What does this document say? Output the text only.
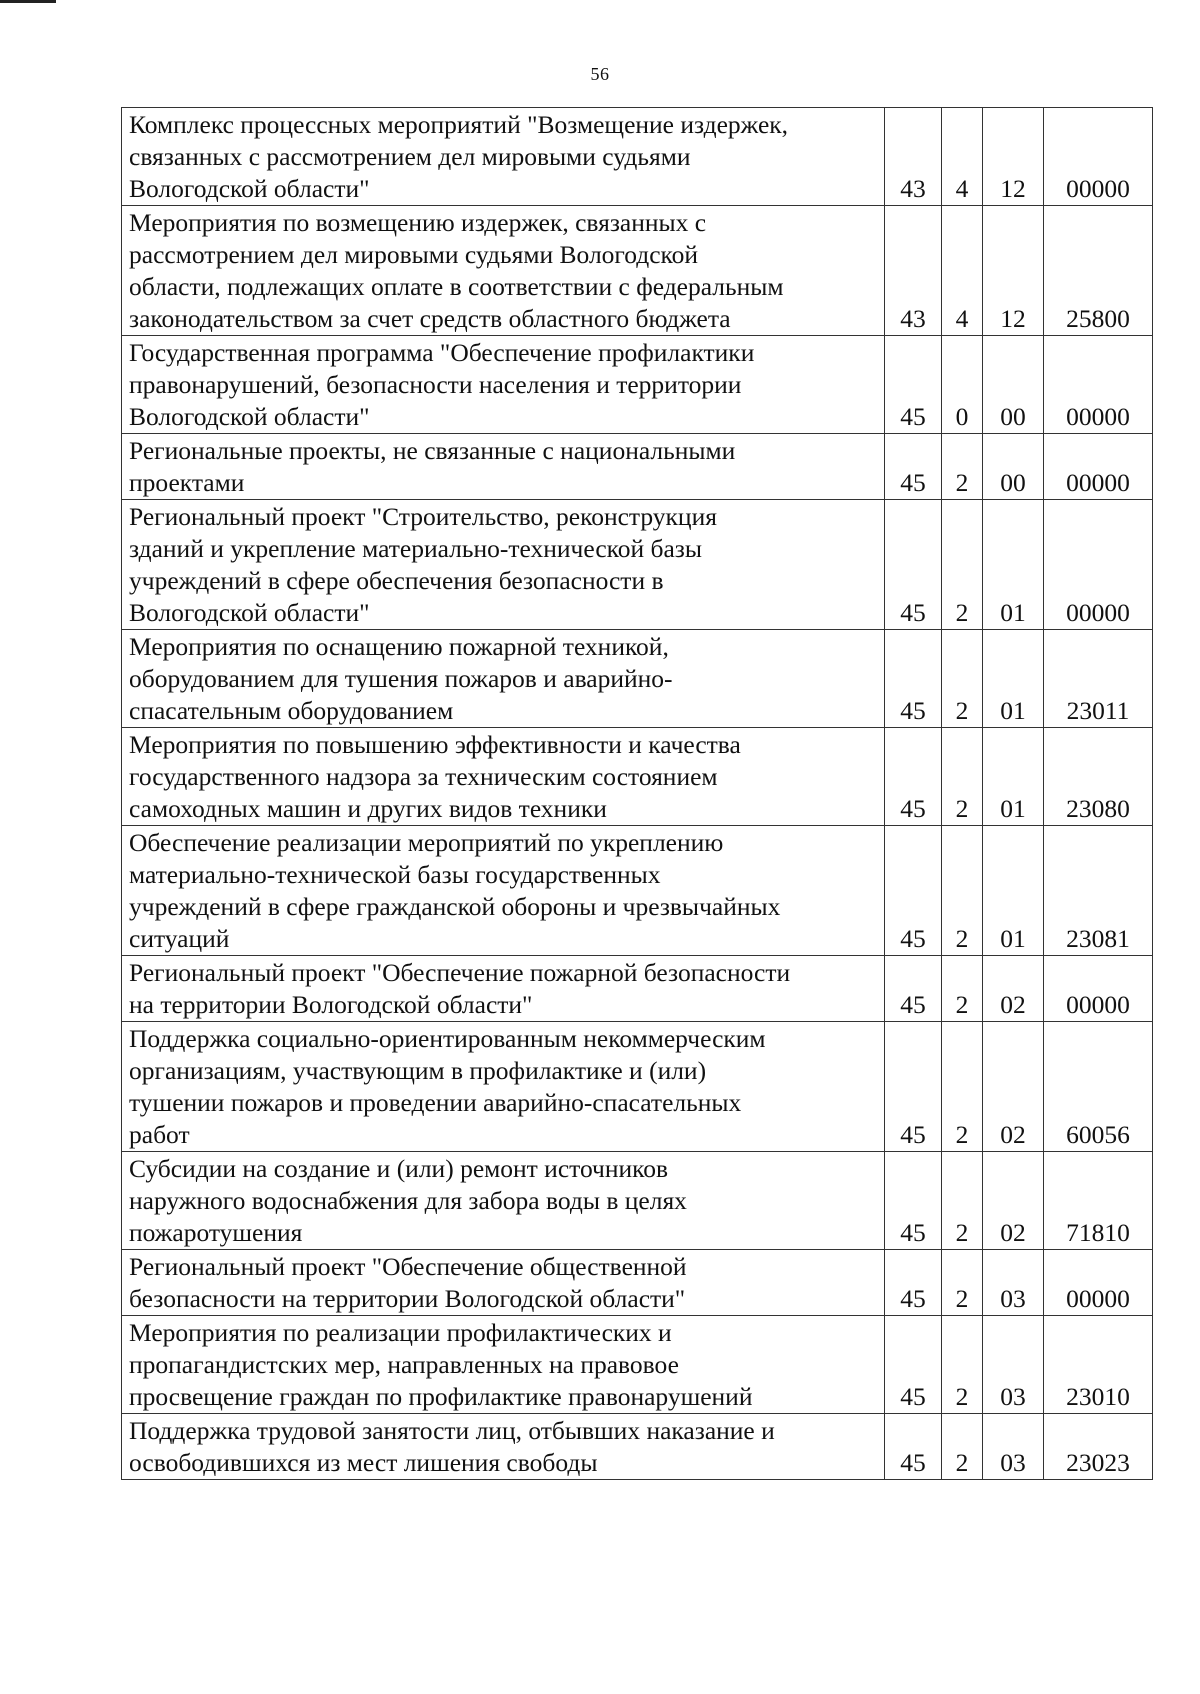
56
Комплекс процессных мероприятий "Возмещение издержек,
связанных с рассмотрением дел мировыми судьями
Вологодской области"	43	4	12	00000

Мероприятия по возмещению издержек, связанных с
рассмотрением дел мировыми судьями Вологодской
области, подлежащих оплате в соответствии с федеральным
законодательством за счет средств областного бюджета	43	4	12	25800

Государственная программа "Обеспечение профилактики
правонарушений, безопасности населения и территории
Вологодской области"	45	0	00	00000

Региональные проекты, не связанные с национальными
проектами	45	2	00	00000

Региональный проект "Строительство, реконструкция
зданий и укрепление материально-технической базы
учреждений в сфере обеспечения безопасности в
Вологодской области"	45	2	01	00000

Мероприятия по оснащению пожарной техникой,
оборудованием для тушения пожаров и аварийно-
спасательным оборудованием	45	2	01	23011

Мероприятия по повышению эффективности и качества
государственного надзора за техническим состоянием
самоходных машин и других видов техники	45	2	01	23080

Обеспечение реализации мероприятий по укреплению
материально-технической базы государственных
учреждений в сфере гражданской обороны и чрезвычайных
ситуаций	45	2	01	23081

Региональный проект "Обеспечение пожарной безопасности
на территории Вологодской области"	45	2	02	00000

Поддержка социально-ориентированным некоммерческим
организациям, участвующим в профилактике и (или)
тушении пожаров и проведении аварийно-спасательных
работ	45	2	02	60056

Субсидии на создание и (или) ремонт источников
наружного водоснабжения для забора воды в целях
пожаротушения	45	2	02	71810

Региональный проект "Обеспечение общественной
безопасности на территории Вологодской области"	45	2	03	00000

Мероприятия по реализации профилактических и
пропагандистских мер, направленных на правовое
просвещение граждан по профилактике правонарушений	45	2	03	23010

Поддержка трудовой занятости лиц, отбывших наказание и
освободившихся из мест лишения свободы	45	2	03	23023
